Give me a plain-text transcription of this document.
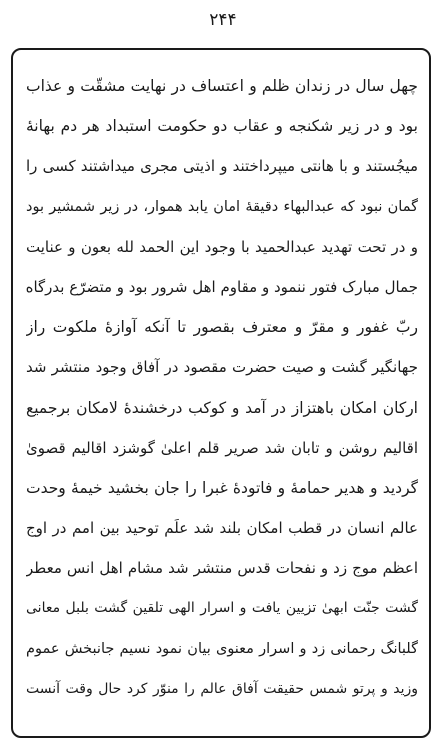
۲۴۴
چهل سال در زندان ظلم و اعتساف در نهایت مشقّت و عذاب
بود و در زیر شکنجه و عقاب دو حکومت استبداد هر دم بهانهٔ
میجُستند و با هانتی میپرداختند و اذیتی مجری میداشتند کسی را
گمان نبود که عبدالبهاء دقیقهٔ امان یابد هموار، در زیر شمشیر بود
و در تحت تهدید عبدالحمید با وجود این الحمد لله بعون و عنایت
جمال مبارک فتور ننمود و مقاوم اهل شرور بود و متضرّع بدرگاه
ربّ غفور و مقرّ و معترف بقصور تا آنکه آوازهٔ ملکوت راز
جهانگیر گشت و صیت حضرت مقصود در آفاق وجود منتشر شد
ارکان امکان باهتزاز در آمد و کوکب درخشندهٔ لامکان برجمیع
اقالیم روشن و تابان شد صریر قلم اعلیٰ گوشزد اقالیم قصویٰ
گردید و هدیر حمامهٔ و فاتودهٔ غبرا را جان بخشید خیمهٔ وحدت
عالم انسان در قطب امکان بلند شد علَم توحید بین امم در اوج
اعظم موج زد و نفحات قدس منتشر شد مشام اهل انس معطر
گشت جنّت ابهیٰ تزیین یافت و اسرار الهی تلقین گشت بلبل معانی
گلبانگ رحمانی زد و اسرار معنوی بیان نمود نسیم جانبخش عموم
وزید و پرتو شمس حقیقت آفاق عالم را منوّر کرد حال وقت آنست
